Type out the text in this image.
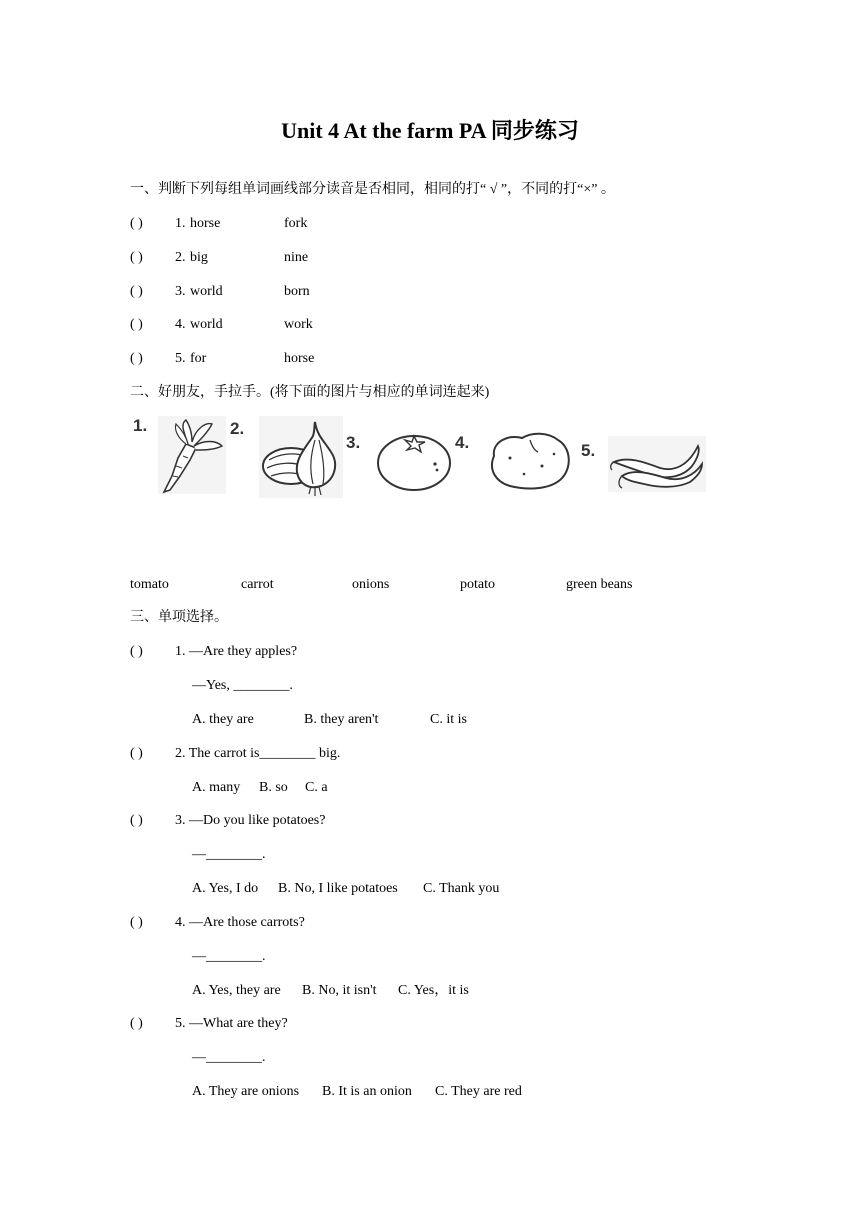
Unit 4 At the farm PA 同步练习
一、判断下列每组单词画线部分读音是否相同，相同的打“ √ ”，不同的打“×” 。
( ) 1. horse	fork
( ) 2. big	nine
( ) 3. world	born
( ) 4. world	work
( ) 5. for	horse
二、好朋友，手拉手。(将下面的图片与相应的单词连起来)
1.	2.
3.	4.	5.
tomato	carrot	onions	potato	green beans
三、单项选择。
( ) 1. —Are they apples?
—Yes, ________.
A. they are	B. they aren't	C. it is
( ) 2. The carrot is________ big.
A. many B. so C. a
( ) 3. —Do you like potatoes?
—________.
A. Yes, I do B. No, I like potatoes C. Thank you
( ) 4. —Are those carrots?
—________.
A. Yes, they are B. No, it isn't C. Yes，it is
( ) 5. —What are they?
—________.
A. They are onions B. It is an onion C. They are red
